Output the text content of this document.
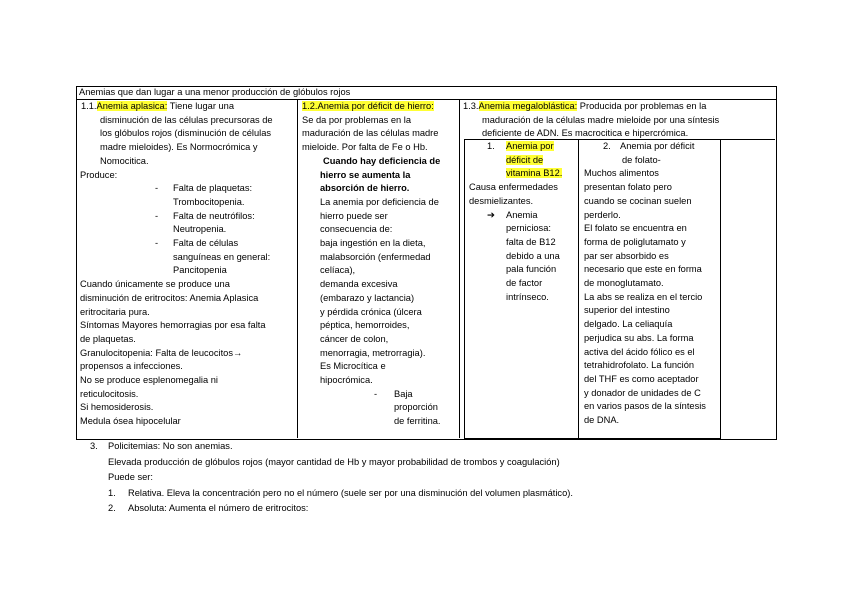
Anemias que dan lugar a una menor producción de glóbulos rojos
1.1.Anemia aplasica: Tiene lugar una

disminución de las células precursoras de

los glóbulos rojos (disminución de células

madre mieloides). Es Normocrómica y

Nomocitica.

Produce:

- Falta de plaquetas:

Trombocitopenia.

- Falta de neutrófilos:

Neutropenia.

- Falta de células

sanguíneas en general:

Pancitopenia

Cuando únicamente se produce una

disminución de eritrocitos: Anemia Aplasica

eritrocitaria pura.

Síntomas Mayores hemorragias por esa falta

de plaquetas.

Granulocitopenia: Falta de leucocitos→

propensos a infecciones.

No se produce esplenomegalia ni

reticulocitosis.

Si hemosiderosis.

Medula ósea hipocelular

1.2.Anemia por déficit de hierro:

Se da por problemas en la

maduración de las células madre

mieloide. Por falta de Fe o Hb.

Cuando hay deficiencia de

hierro se aumenta la

absorción de hierro.

La anemia por deficiencia de

hierro puede ser

consecuencia de:

baja ingestión en la dieta,

malabsorción (enfermedad

celíaca),

demanda excesiva

(embarazo y lactancia)

y pérdida crónica (úlcera

péptica, hemorroides,

cáncer de colon,

menorragia, metrorragia).

Es Microcítica e

hipocrómica.

- Baja

proporción

de ferritina.

1.3.Anemia megaloblástica: Producida por problemas en la

maduración de la células madre mieloide por una síntesis

deficiente de ADN. Es macrocitica e hipercrómica.

1. Anemia por

déficit de

vitamina B12.

Causa enfermedades

desmielizantes.

➔ Anemia

perniciosa:

falta de B12

debido a una

pala función

de factor

intrínseco.

2. Anemia por déficit

de folato-

Muchos alimentos

presentan folato pero

cuando se cocinan suelen

perderlo.

El folato se encuentra en

forma de poliglutamato y

par ser absorbido es

necesario que este en forma

de monoglutamato.

La abs se realiza en el tercio

superior del intestino

delgado. La celiaquía

perjudica su abs. La forma

activa del ácido fólico es el

tetrahidrofolato. La función

del THF es como aceptador

y donador de unidades de C

en varios pasos de la síntesis

de DNA.

3. Policitemias: No son anemias.

Elevada producción de glóbulos rojos (mayor cantidad de Hb y mayor probabilidad de trombos y coagulación)

Puede ser:

1. Relativa. Eleva la concentración pero no el número (suele ser por una disminución del volumen plasmático).
2. Absoluta: Aumenta el número de eritrocitos:
